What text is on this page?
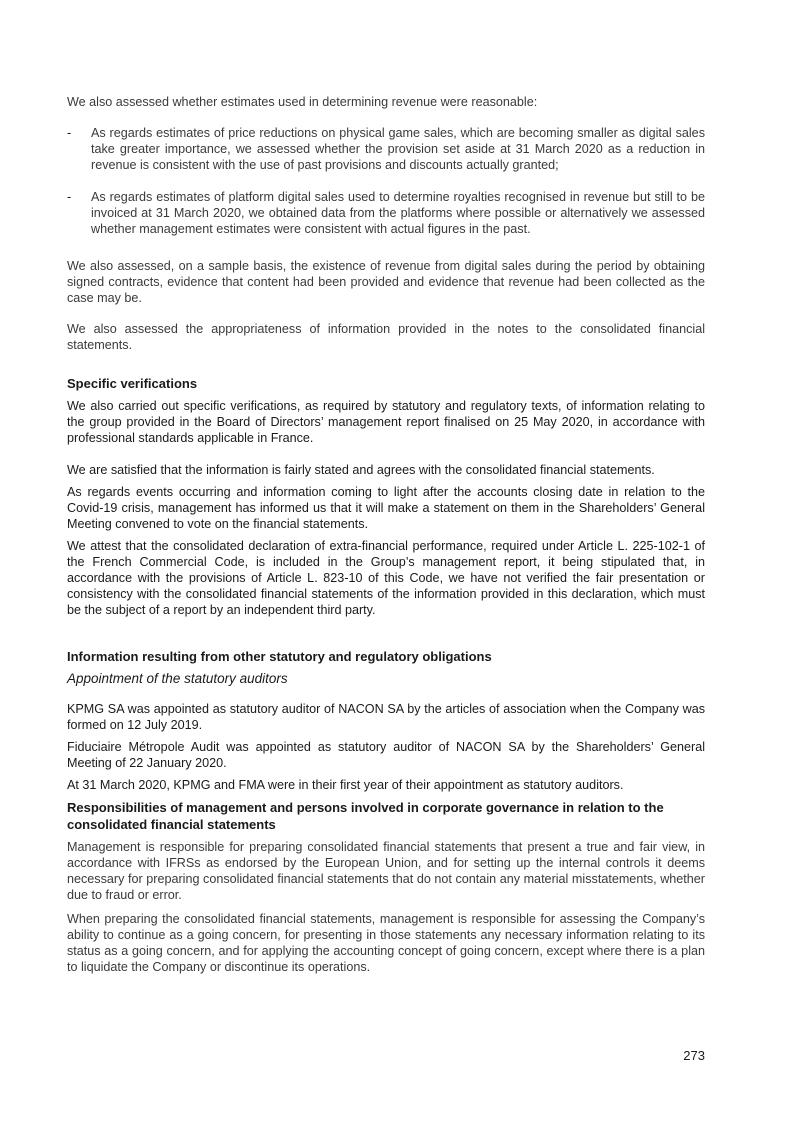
We also assessed whether estimates used in determining revenue were reasonable:

-	As regards estimates of price reductions on physical game sales, which are becoming smaller as digital sales take greater importance, we assessed whether the provision set aside at 31 March 2020 as a reduction in revenue is consistent with the use of past provisions and discounts actually granted;

-	As regards estimates of platform digital sales used to determine royalties recognised in revenue but still to be invoiced at 31 March 2020, we obtained data from the platforms where possible or alternatively we assessed whether management estimates were consistent with actual figures in the past.

We also assessed, on a sample basis, the existence of revenue from digital sales during the period by obtaining signed contracts, evidence that content had been provided and evidence that revenue had been collected as the case may be.

We also assessed the appropriateness of information provided in the notes to the consolidated financial statements.

Specific verifications

We also carried out specific verifications, as required by statutory and regulatory texts, of information relating to the group provided in the Board of Directors’ management report finalised on 25 May 2020, in accordance with professional standards applicable in France.

We are satisfied that the information is fairly stated and agrees with the consolidated financial statements.

As regards events occurring and information coming to light after the accounts closing date in relation to the Covid-19 crisis, management has informed us that it will make a statement on them in the Shareholders’ General Meeting convened to vote on the financial statements.

We attest that the consolidated declaration of extra-financial performance, required under Article L. 225-102-1 of the French Commercial Code, is included in the Group’s management report, it being stipulated that, in accordance with the provisions of Article L. 823-10 of this Code, we have not verified the fair presentation or consistency with the consolidated financial statements of the information provided in this declaration, which must be the subject of a report by an independent third party.

Information resulting from other statutory and regulatory obligations
Appointment of the statutory auditors

KPMG SA was appointed as statutory auditor of NACON SA by the articles of association when the Company was formed on 12 July 2019.

Fiduciaire Métropole Audit was appointed as statutory auditor of NACON SA by the Shareholders’ General Meeting of 22 January 2020.

At 31 March 2020, KPMG and FMA were in their first year of their appointment as statutory auditors.

Responsibilities of management and persons involved in corporate governance in relation to the consolidated financial statements

Management is responsible for preparing consolidated financial statements that present a true and fair view, in accordance with IFRSs as endorsed by the European Union, and for setting up the internal controls it deems necessary for preparing consolidated financial statements that do not contain any material misstatements, whether due to fraud or error.

When preparing the consolidated financial statements, management is responsible for assessing the Company’s ability to continue as a going concern, for presenting in those statements any necessary information relating to its status as a going concern, and for applying the accounting concept of going concern, except where there is a plan to liquidate the Company or discontinue its operations.

273
